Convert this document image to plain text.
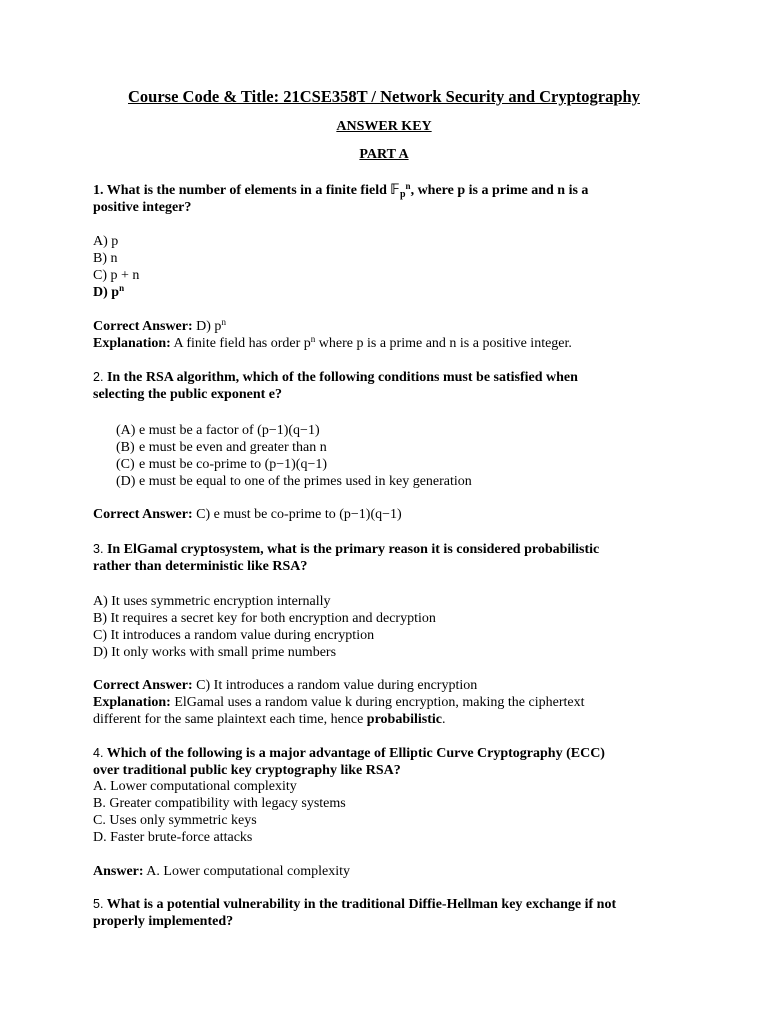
Course Code & Title: 21CSE358T / Network Security and Cryptography
ANSWER KEY
PART A
1. What is the number of elements in a finite field 𝔽$_p^n$, where p is a prime and n is a
positive integer?
A) p
B) n
C) p + n
D) $p^n$
Correct Answer: D) $p^n$
Explanation: A finite field has order $p^n$ where p is a prime and n is a positive integer.
2. In the RSA algorithm, which of the following conditions must be satisfied when
selecting the public exponent e?
(A) e must be a factor of (p−1)(q−1)
(B) e must be even and greater than n
(C) e must be co-prime to (p−1)(q−1)
(D) e must be equal to one of the primes used in key generation
Correct Answer: C) e must be co-prime to (p−1)(q−1)
3. In ElGamal cryptosystem, what is the primary reason it is considered probabilistic
rather than deterministic like RSA?
A) It uses symmetric encryption internally
B) It requires a secret key for both encryption and decryption
C) It introduces a random value during encryption
D) It only works with small prime numbers
Correct Answer: C) It introduces a random value during encryption
Explanation: ElGamal uses a random value k during encryption, making the ciphertext
different for the same plaintext each time, hence probabilistic.
4. Which of the following is a major advantage of Elliptic Curve Cryptography (ECC)
over traditional public key cryptography like RSA?
A. Lower computational complexity
B. Greater compatibility with legacy systems
C. Uses only symmetric keys
D. Faster brute-force attacks
Answer: A. Lower computational complexity
5. What is a potential vulnerability in the traditional Diffie-Hellman key exchange if not
properly implemented?
